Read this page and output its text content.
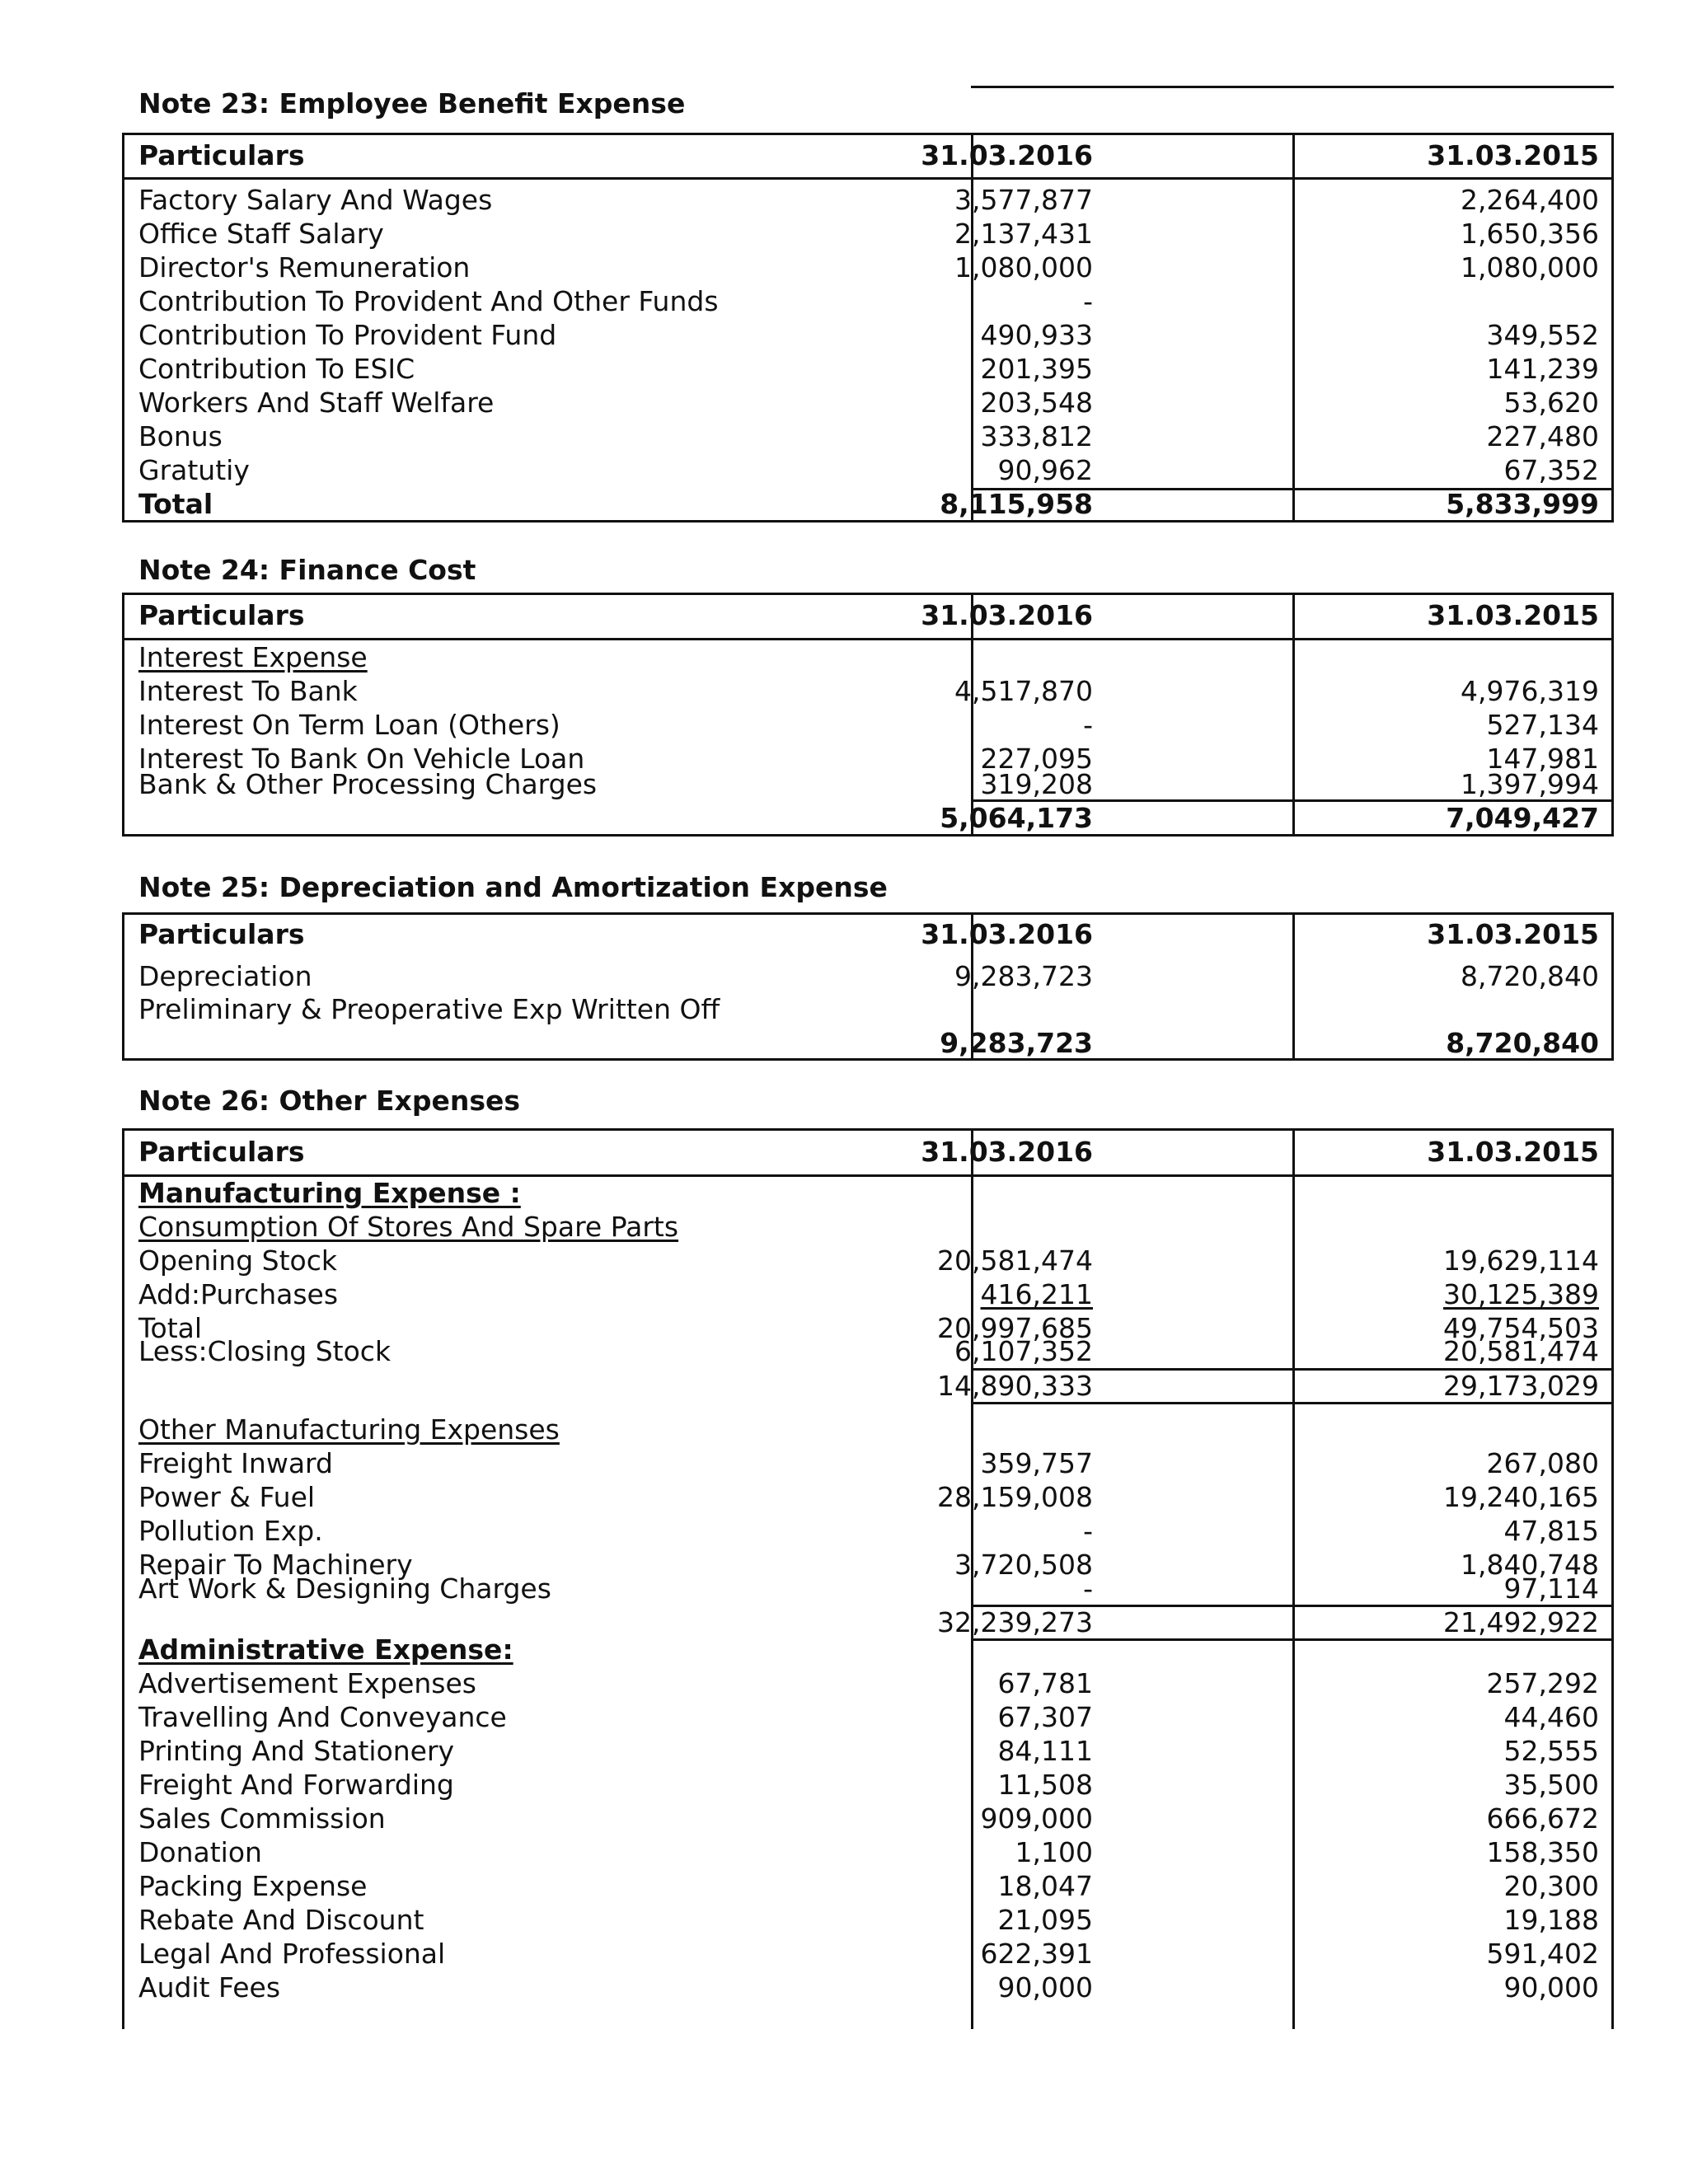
Note 23: Employee Benefit Expense
Particulars	31.03.2016	31.03.2015
Factory Salary And Wages	3,577,877	2,264,400
Office Staff Salary	2,137,431	1,650,356
Director's Remuneration	1,080,000	1,080,000
Contribution To Provident And Other Funds	-
Contribution To Provident Fund	490,933	349,552
Contribution To ESIC	201,395	141,239
Workers And Staff Welfare	203,548	53,620
Bonus	333,812	227,480
Gratutiy	90,962	67,352
Total	8,115,958	5,833,999
Note 24: Finance Cost
Particulars	31.03.2016	31.03.2015
Interest Expense
Interest To Bank	4,517,870	4,976,319
Interest On Term Loan (Others)	-	527,134
Interest To Bank On Vehicle Loan	227,095	147,981
Bank & Other Processing Charges	319,208	1,397,994
5,064,173	7,049,427
Note 25: Depreciation and Amortization Expense
Particulars	31.03.2016	31.03.2015
Depreciation	9,283,723	8,720,840
Preliminary & Preoperative Exp Written Off
9,283,723	8,720,840
Note 26: Other Expenses
Particulars	31.03.2016	31.03.2015
Manufacturing Expense :
Consumption Of Stores And Spare Parts
Opening Stock	20,581,474	19,629,114
Add:Purchases	416,211	30,125,389
Total	20,997,685	49,754,503
Less:Closing Stock	6,107,352	20,581,474
14,890,333	29,173,029
Other Manufacturing Expenses
Freight Inward	359,757	267,080
Power & Fuel	28,159,008	19,240,165
Pollution Exp.	-	47,815
Repair To Machinery	3,720,508	1,840,748
Art Work & Designing Charges	-	97,114
32,239,273	21,492,922
Administrative Expense:
Advertisement Expenses	67,781	257,292
Travelling And Conveyance	67,307	44,460
Printing And Stationery	84,111	52,555
Freight And Forwarding	11,508	35,500
Sales Commission	909,000	666,672
Donation	1,100	158,350
Packing Expense	18,047	20,300
Rebate And Discount	21,095	19,188
Legal And Professional	622,391	591,402
Audit Fees	90,000	90,000
